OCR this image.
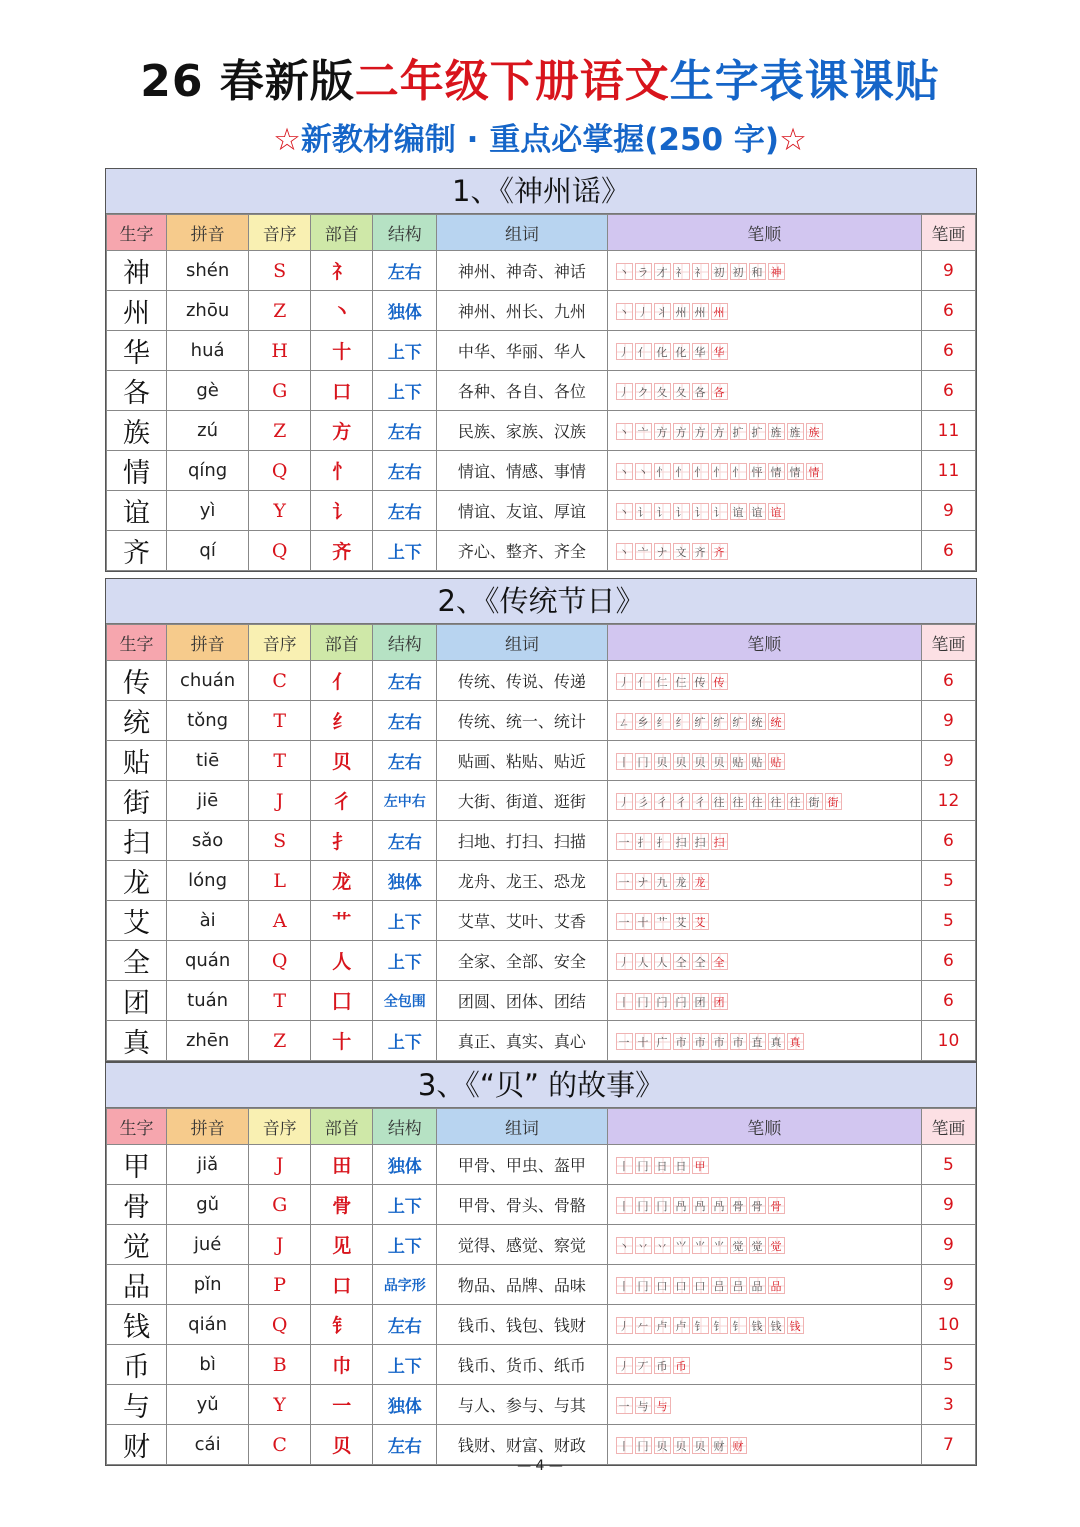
26 春新版二年级下册语文生字表课课贴
☆新教材编制 · 重点必掌握(250 字)☆
1、《神州谣》
生字	拼音	音序	部首	结构	组词	笔顺	笔画
神	shén	S	礻	左右	神州、神奇、神话	丶 ラ 才 礻 礻 初 初 和 神	9
州	zhōu	Z	丶	独体	神州、州长、九州	丶 丿 丬 州 州 州	6
华	huá	H	十	上下	中华、华丽、华人	丿 亻 化 化 华 华	6
各	gè	G	口	上下	各种、各自、各位	丿 ク 夂 夂 各 各	6
族	zú	Z	方	左右	民族、家族、汉族	丶 亠 方 方 方 方 扩 扩 旌 旌 族	11
情	qíng	Q	忄	左右	情谊、情感、事情	丶 丶 忄 忄 忄 忄 忄 怦 情 情 情	11
谊	yì	Y	讠	左右	情谊、友谊、厚谊	丶 讠 讠 讠 讠 讠 谊 谊 谊	9
齐	qí	Q	齐	上下	齐心、整齐、齐全	丶 亠 ナ 文 齐 齐	6
2、《传统节日》
生字	拼音	音序	部首	结构	组词	笔顺	笔画
传	chuán	C	亻	左右	传统、传说、传递	丿 亻 仁 仨 传 传	6
统	tǒng	T	纟	左右	传统、统一、统计	ㄥ 乡 纟 纟 纩 纩 纩 统 统	9
贴	tiē	T	贝	左右	贴画、粘贴、贴近	丨 冂 贝 贝 贝 贝 贴 贴 贴	9
街	jiē	J	彳	左中右	大街、街道、逛街	丿 彡 彳 彳 彳 往 往 往 往 往 街 街	12
扫	sǎo	S	扌	左右	扫地、打扫、扫描	一 扌 扌 扫 扫 扫	6
龙	lóng	L	龙	独体	龙舟、龙王、恐龙	一 ナ 九 龙 龙	5
艾	ài	A	艹	上下	艾草、艾叶、艾香	一 十 艹 艾 艾	5
全	quán	Q	人	上下	全家、全部、安全	丿 人 人 仝 仝 全	6
团	tuán	T	囗	全包围	团圆、团体、团结	丨 冂 闩 闩 团 团	6
真	zhēn	Z	十	上下	真正、真实、真心	一 十 广 市 市 市 市 直 真 真	10
3、《“贝” 的故事》
生字	拼音	音序	部首	结构	组词	笔顺	笔画
甲	jiǎ	J	田	独体	甲骨、甲虫、盔甲	丨 冂 日 日 甲	5
骨	gǔ	G	骨	上下	甲骨、骨头、骨骼	丨 冂 冂 冎 冎 冎 骨 骨 骨	9
觉	jué	J	见	上下	觉得、感觉、察觉	丶 丷 丷 ⺍ ⺌ ⺌ 觉 觉 觉	9
品	pǐn	P	口	品字形	物品、品牌、品味	丨 冂 口 口 口 吕 吕 品 品	9
钱	qián	Q	钅	左右	钱币、钱包、钱财	丿 𠂉 卢 卢 钅 钅 钅 钱 钱 钱	10
币	bì	B	巾	上下	钱币、货币、纸币	丿 丆 币 币	5
与	yǔ	Y	一	独体	与人、参与、与其	一 与 与	3
财	cái	C	贝	左右	钱财、财富、财政	丨 冂 贝 贝 贝 财 财	7
— 4 —
